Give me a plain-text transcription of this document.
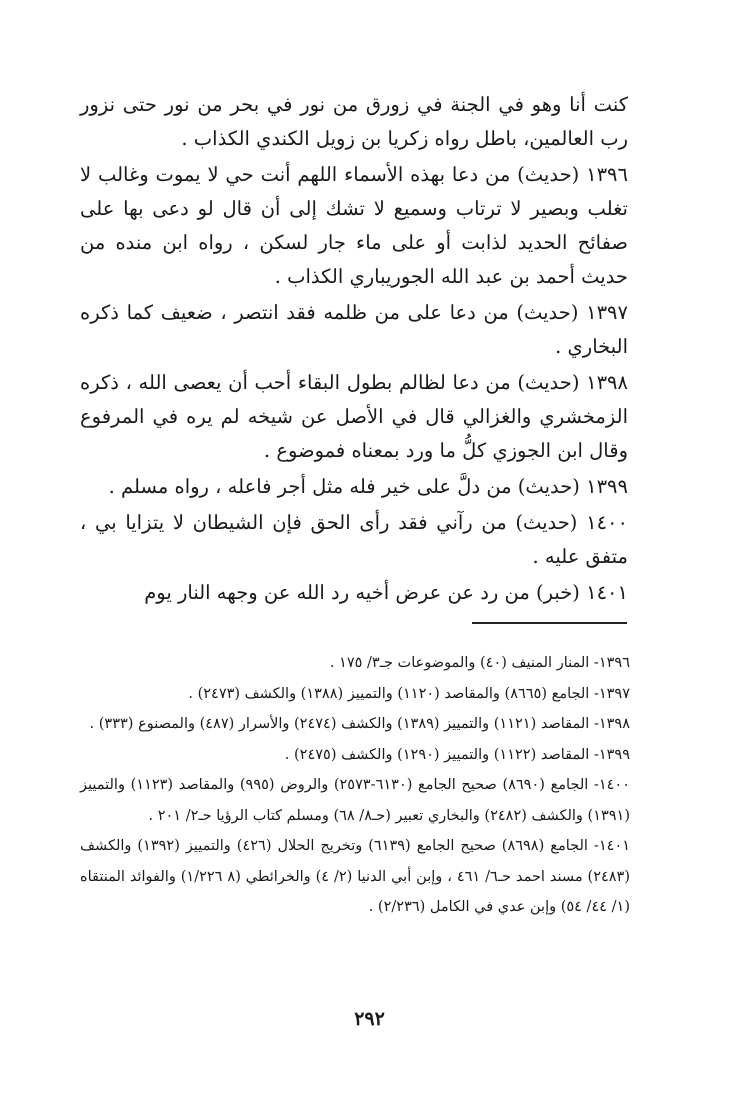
كنت أنا وهو في الجنة في زورق من نور في بحر من نور حتى نزور رب العالمين، باطل رواه زكريا بن زويل الكندي الكذاب .

١٣٩٦ (حديث) من دعا بهذه الأسماء اللهم أنت حي لا يموت وغالب لا تغلب وبصير لا ترتاب وسميع لا تشك إلى أن قال لو دعى بها على صفائح الحديد لذابت أو على ماء جار لسكن ، رواه ابن منده من حديث أحمد بن عبد الله الجوريباري الكذاب .

١٣٩٧ (حديث) من دعا على من ظلمه فقد انتصر ، ضعيف كما ذكره البخاري .

١٣٩٨ (حديث) من دعا لظالم بطول البقاء أحب أن يعصى الله ، ذكره الزمخشري والغزالي قال في الأصل عن شيخه لم يره في المرفوع وقال ابن الجوزي كلُّ ما ورد بمعناه فموضوع .

١٣٩٩ (حديث) من دلَّ على خير فله مثل أجر فاعله ، رواه مسلم .

١٤٠٠ (حديث) من رآني فقد رأى الحق فإن الشيطان لا يتزايا بي ، متفق عليه .

١٤٠١ (خبر) من رد عن عرض أخيه رد الله عن وجهه النار يوم

١٣٩٦- المنار المنيف (٤٠) والموضوعات جـ٣/ ١٧٥ .

١٣٩٧- الجامع (٨٦٦٥) والمقاصد (١١٢٠) والتمييز (١٣٨٨) والكشف (٢٤٧٣) .

١٣٩٨- المقاصد (١١٢١) والتمييز (١٣٨٩) والكشف (٢٤٧٤) والأسرار (٤٨٧) والمصنوع (٣٣٣) .

١٣٩٩- المقاصد (١١٢٢) والتمييز (١٢٩٠) والكشف (٢٤٧٥) .

١٤٠٠- الجامع (٨٦٩٠) صحيح الجامع (٦١٣٠-٢٥٧٣) والروض (٩٩٥) والمقاصد (١١٢٣) والتمييز (١٣٩١) والكشف (٢٤٨٢) والبخاري تعبير (حـ٨/ ٦٨) ومسلم كتاب الرؤيا حـ٢/ ٢٠١ .

١٤٠١- الجامع (٨٦٩٨) صحيح الجامع (٦١٣٩) وتخريج الحلال (٤٢٦) والتمييز (١٣٩٢) والكشف (٢٤٨٣) مسند احمد حـ٦/ ٤٦١ ، وإبن أبي الدنيا (٢/ ٤) والخرائطي (٨ ١/٢٢٦) والفوائد المنتقاه (١/ ٤٤/ ٥٤) وإبن عدي في الكامل (٢/٢٣٦) .

٢٩٢
